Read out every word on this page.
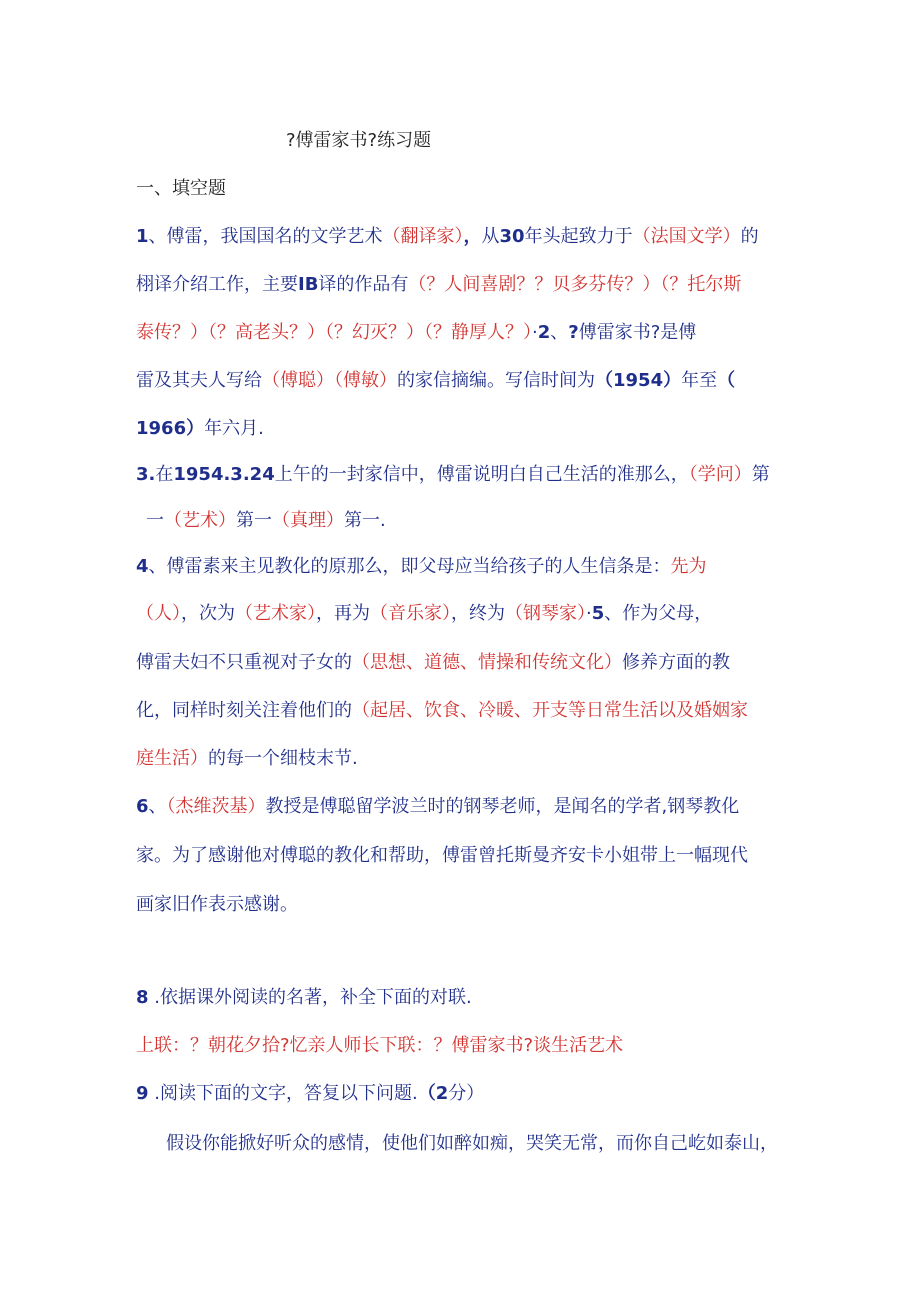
?傅雷家书?练习题
一、填空题
1、傅雷，我国国名的文学艺术（翻译家），从30年头起致力于（法国文学）的
栩译介绍工作，主要IB译的作品有（？人间喜剧？？贝多芬传？）（？托尔斯
泰传？）（？高老头？）（？幻灭？）（？静厚人？）·2、?傅雷家书?是傅
雷及其夫人写给（傅聪）（傅敏）的家信摘编。写信时间为（1954）年至（
1966）年六月.
3.在1954.3.24上午的一封家信中，傅雷说明白自己生活的准那么，（学问）第
一（艺术）第一（真理）第一.
4、傅雷素来主见教化的原那么，即父母应当给孩子的人生信条是：先为
（人），次为（艺术家），再为（音乐家），终为（钢琴家）·5、作为父母，
傅雷夫妇不只重视对子女的（思想、道德、情操和传统文化）修养方面的教
化，同样时刻关注着他们的（起居、饮食、冷暖、开支等日常生活以及婚姻家
庭生活）的每一个细枝末节.
6、（杰维茨基）教授是傅聪留学波兰时的钢琴老师，是闻名的学者,钢琴教化
家。为了感谢他对傅聪的教化和帮助，傅雷曾托斯曼齐安卡小姐带上一幅现代
画家旧作表示感谢。
8 .依据课外阅读的名著，补全下面的对联.
上联：？朝花夕拾?忆亲人师长下联：？傅雷家书?谈生活艺术
9 .阅读下面的文字，答复以下问题.（2分）
假设你能掀好听众的感情，使他们如醉如痴，哭笑无常，而你自己屹如泰山，
